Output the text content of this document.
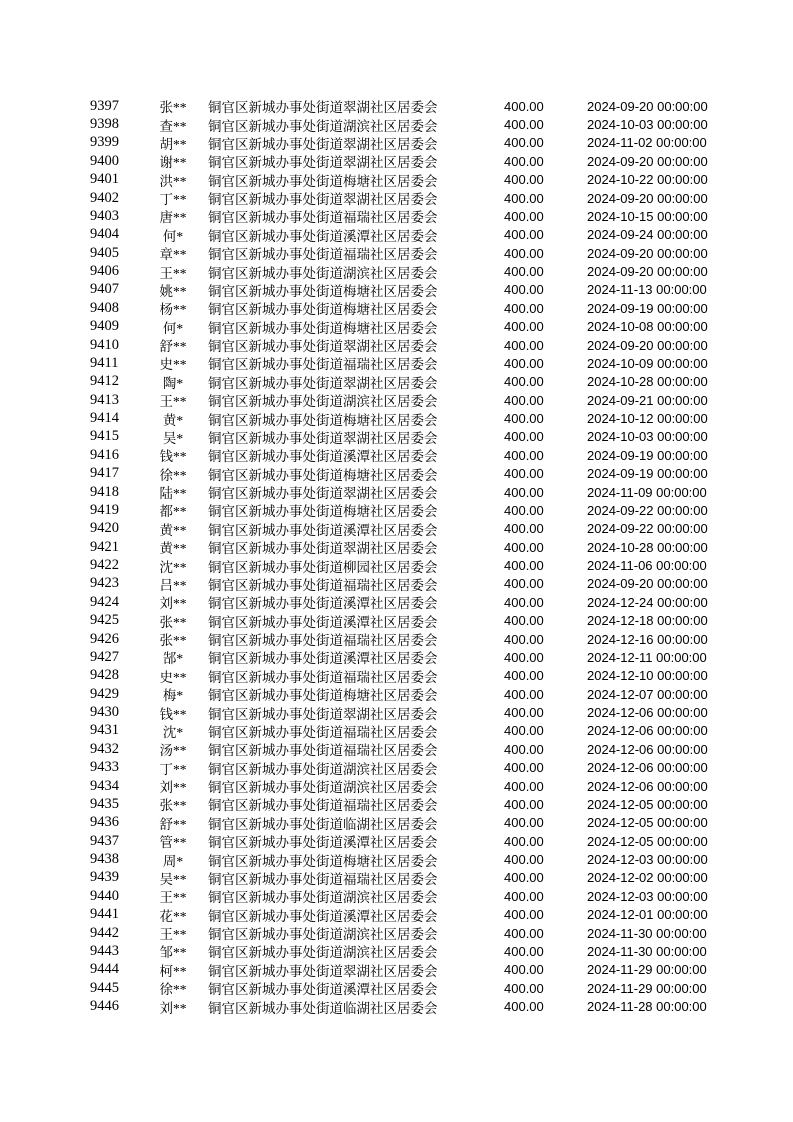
9397	张**	铜官区新城办事处街道翠湖社区居委会	400.00	2024-09-20 00:00:00
9398	查**	铜官区新城办事处街道湖滨社区居委会	400.00	2024-10-03 00:00:00
9399	胡**	铜官区新城办事处街道翠湖社区居委会	400.00	2024-11-02 00:00:00
9400	谢**	铜官区新城办事处街道翠湖社区居委会	400.00	2024-09-20 00:00:00
9401	洪**	铜官区新城办事处街道梅塘社区居委会	400.00	2024-10-22 00:00:00
9402	丁**	铜官区新城办事处街道翠湖社区居委会	400.00	2024-09-20 00:00:00
9403	唐**	铜官区新城办事处街道福瑞社区居委会	400.00	2024-10-15 00:00:00
9404	何*	铜官区新城办事处街道溪潭社区居委会	400.00	2024-09-24 00:00:00
9405	章**	铜官区新城办事处街道福瑞社区居委会	400.00	2024-09-20 00:00:00
9406	王**	铜官区新城办事处街道湖滨社区居委会	400.00	2024-09-20 00:00:00
9407	姚**	铜官区新城办事处街道梅塘社区居委会	400.00	2024-11-13 00:00:00
9408	杨**	铜官区新城办事处街道梅塘社区居委会	400.00	2024-09-19 00:00:00
9409	何*	铜官区新城办事处街道梅塘社区居委会	400.00	2024-10-08 00:00:00
9410	舒**	铜官区新城办事处街道翠湖社区居委会	400.00	2024-09-20 00:00:00
9411	史**	铜官区新城办事处街道福瑞社区居委会	400.00	2024-10-09 00:00:00
9412	陶*	铜官区新城办事处街道翠湖社区居委会	400.00	2024-10-28 00:00:00
9413	王**	铜官区新城办事处街道湖滨社区居委会	400.00	2024-09-21 00:00:00
9414	黄*	铜官区新城办事处街道梅塘社区居委会	400.00	2024-10-12 00:00:00
9415	吴*	铜官区新城办事处街道翠湖社区居委会	400.00	2024-10-03 00:00:00
9416	钱**	铜官区新城办事处街道溪潭社区居委会	400.00	2024-09-19 00:00:00
9417	徐**	铜官区新城办事处街道梅塘社区居委会	400.00	2024-09-19 00:00:00
9418	陆**	铜官区新城办事处街道翠湖社区居委会	400.00	2024-11-09 00:00:00
9419	都**	铜官区新城办事处街道梅塘社区居委会	400.00	2024-09-22 00:00:00
9420	黄**	铜官区新城办事处街道溪潭社区居委会	400.00	2024-09-22 00:00:00
9421	黄**	铜官区新城办事处街道翠湖社区居委会	400.00	2024-10-28 00:00:00
9422	沈**	铜官区新城办事处街道柳园社区居委会	400.00	2024-11-06 00:00:00
9423	吕**	铜官区新城办事处街道福瑞社区居委会	400.00	2024-09-20 00:00:00
9424	刘**	铜官区新城办事处街道溪潭社区居委会	400.00	2024-12-24 00:00:00
9425	张**	铜官区新城办事处街道溪潭社区居委会	400.00	2024-12-18 00:00:00
9426	张**	铜官区新城办事处街道福瑞社区居委会	400.00	2024-12-16 00:00:00
9427	郜*	铜官区新城办事处街道溪潭社区居委会	400.00	2024-12-11 00:00:00
9428	史**	铜官区新城办事处街道福瑞社区居委会	400.00	2024-12-10 00:00:00
9429	梅*	铜官区新城办事处街道梅塘社区居委会	400.00	2024-12-07 00:00:00
9430	钱**	铜官区新城办事处街道翠湖社区居委会	400.00	2024-12-06 00:00:00
9431	沈*	铜官区新城办事处街道福瑞社区居委会	400.00	2024-12-06 00:00:00
9432	汤**	铜官区新城办事处街道福瑞社区居委会	400.00	2024-12-06 00:00:00
9433	丁**	铜官区新城办事处街道湖滨社区居委会	400.00	2024-12-06 00:00:00
9434	刘**	铜官区新城办事处街道湖滨社区居委会	400.00	2024-12-06 00:00:00
9435	张**	铜官区新城办事处街道福瑞社区居委会	400.00	2024-12-05 00:00:00
9436	舒**	铜官区新城办事处街道临湖社区居委会	400.00	2024-12-05 00:00:00
9437	管**	铜官区新城办事处街道溪潭社区居委会	400.00	2024-12-05 00:00:00
9438	周*	铜官区新城办事处街道梅塘社区居委会	400.00	2024-12-03 00:00:00
9439	吴**	铜官区新城办事处街道福瑞社区居委会	400.00	2024-12-02 00:00:00
9440	王**	铜官区新城办事处街道湖滨社区居委会	400.00	2024-12-03 00:00:00
9441	花**	铜官区新城办事处街道溪潭社区居委会	400.00	2024-12-01 00:00:00
9442	王**	铜官区新城办事处街道湖滨社区居委会	400.00	2024-11-30 00:00:00
9443	邹**	铜官区新城办事处街道湖滨社区居委会	400.00	2024-11-30 00:00:00
9444	柯**	铜官区新城办事处街道翠湖社区居委会	400.00	2024-11-29 00:00:00
9445	徐**	铜官区新城办事处街道溪潭社区居委会	400.00	2024-11-29 00:00:00
9446	刘**	铜官区新城办事处街道临湖社区居委会	400.00	2024-11-28 00:00:00
